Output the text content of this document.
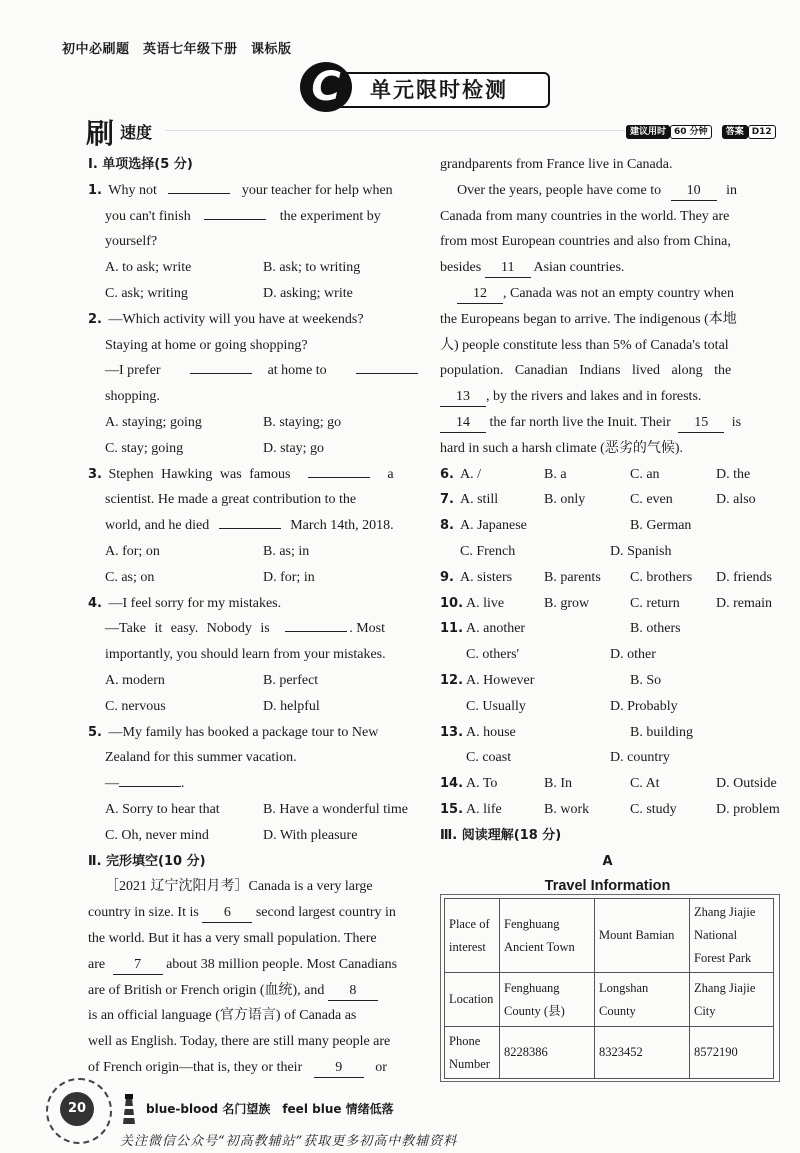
初中必刷题　英语七年级下册　课标版
C	单元限时检测
刷 速度	建议用时 60 分钟 答案 D12
Ⅰ. 单项选择(5 分)
1. Why not	your teacher for help when
you can't finish	the experiment by
yourself?
A. to ask; write	B. ask; to writing
C. ask; writing	D. asking; write
2. —Which activity will you have at weekends?
Staying at home or going shopping?
—I prefer	at home to
shopping.
A. staying; going	B. staying; go
C. stay; going	D. stay; go
3. Stephen Hawking was famous	a
scientist. He made a great contribution to the
world, and he died	March 14th, 2018.
A. for; on	B. as; in
C. as; on	D. for; in
4. —I feel sorry for my mistakes.
—Take it easy. Nobody is	. Most
importantly, you should learn from your mistakes.
A. modern	B. perfect
C. nervous	D. helpful
5. —My family has booked a package tour to New
Zealand for this summer vacation.
—	.
A. Sorry to hear that	B. Have a wonderful time
C. Oh, never mind	D. With pleasure
Ⅱ. 完形填空(10 分)
［2021 辽宁沈阳月考］Canada is a very large
country in size. It is 6 second largest country in
the world. But it has a very small population. There
are 7 about 38 million people. Most Canadians
are of British or French origin (血统), and 8
is an official language (官方语言) of Canada as
well as English. Today, there are still many people are
of French origin—that is, they or their 9 or
grandparents from France live in Canada.
Over the years, people have come to 10 in
Canada from many countries in the world. They are
from most European countries and also from China,
besides 11 Asian countries.
12 , Canada was not an empty country when
the Europeans began to arrive. The indigenous (本地
人) people constitute less than 5% of Canada's total
population. Canadian Indians lived along the
13 , by the rivers and lakes and in forests.
14 the far north live the Inuit. Their 15 is
hard in such a harsh climate (恶劣的气候).
6. A. /	B. a	C. an	D. the
7. A. still	B. only	C. even	D. also
8. A. Japanese	B. German
C. French	D. Spanish
9. A. sisters	B. parents	C. brothers	D. friends
10. A. live	B. grow	C. return	D. remain
11. A. another	B. others
C. others'	D. other
12. A. However	B. So
C. Usually	D. Probably
13. A. house	B. building
C. coast	D. country
14. A. To	B. In	C. At	D. Outside
15. A. life	B. work	C. study	D. problem
Ⅲ. 阅读理解(18 分)
A
Travel Information
Place of interest	Fenghuang Ancient Town	Mount Bamian	Zhang Jiajie National Forest Park
Location	Fenghuang County (县)	Longshan County	Zhang Jiajie City
Phone Number	8228386	8323452	8572190
20	blue-blood 名门望族　feel blue 情绪低落
关注微信公众号“初高教辅站”获取更多初高中教辅资料
